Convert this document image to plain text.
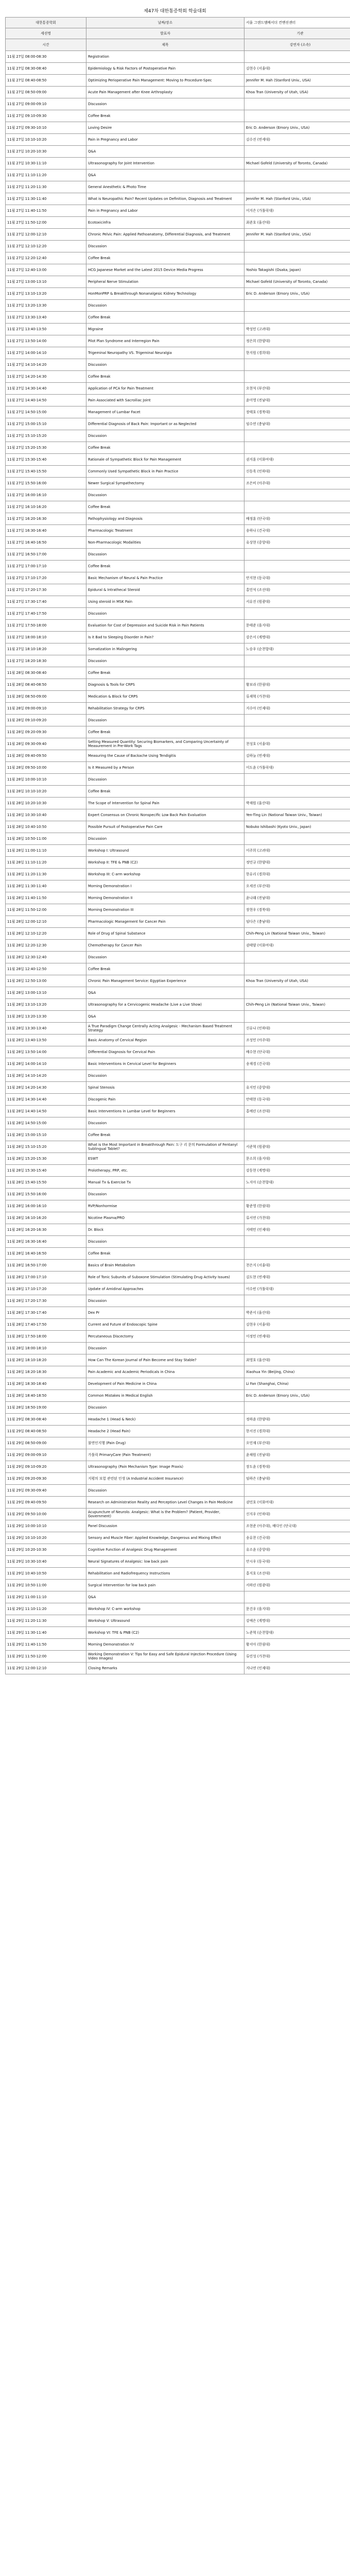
제47차 대한통증학회 학술대회
대한통증학회	날짜/장소	서울 그랜드앰배서더 컨벤션센터
세션명	발표자	기관
시간	제목	강연자 (소속)
11월 27일 08:00-08:30	Registration	
11월 27일 08:30-08:40	Epidemiology & Risk Factors of Postoperative Pain	김현수 (서울대)
11월 27일 08:40-08:50	Optimizing Perioperative Pain Management: Moving to Procedure-Spec	Jennifer M. Hah (Stanford Univ., USA)
11월 27일 08:50-09:00	Acute Pain Management after Knee Arthroplasty	Khoa Tran (University of Utah, USA)
11월 27일 09:00-09:10	Discussion	
11월 27일 09:10-09:30	Coffee Break	
11월 27일 09:30-10:10	Loving Desire	Eric D. Anderson (Emory Univ., USA)
11월 27일 10:10-10:20	Pain in Pregnancy and Labor	김수진 (연세대)
11월 27일 10:20-10:30	Q&A	
11월 27일 10:30-11:10	Ultrasonography for Joint Intervention	Michael Gofeld (University of Toronto, Canada)
11월 27일 11:10-11:20	Q&A	
11월 27일 11:20-11:30	General Anesthetic & Photo Time	
11월 27일 11:30-11:40	What is Neuropathic Pain? Recent Updates on Definition, Diagnosis and Treatment	Jennifer M. Hah (Stanford Univ., USA)
11월 27일 11:40-11:50	Pain in Pregnancy and Labor	이지은 (가톨릭대)
11월 27일 11:50-12:00	Ecotoxicinfra	최준호 (울산대)
11월 27일 12:00-12:10	Chronic Pelvic Pain: Applied Pathoanatomy, Differential Diagnosis, and Treatment	Jennifer M. Hah (Stanford Univ., USA)
11월 27일 12:10-12:20	Discussion	
11월 27일 12:20-12:40	Coffee Break	
11월 27일 12:40-13:00	HCG Japanese Market and the Latest 2015 Device Media Progress	Yoshio Takagishi (Osaka, Japan)
11월 27일 13:00-13:10	Peripheral Nerve Stimulation	Michael Gofeld (University of Toronto, Canada)
11월 27일 13:10-13:20	HonMonPRP & Breakthrough Nonanalgesic Kidney Technology	Eric D. Anderson (Emory Univ., USA)
11월 27일 13:20-13:30	Discussion	
11월 27일 13:30-13:40	Coffee Break	
11월 27일 13:40-13:50	Migraine	박성민 (고려대)
11월 27일 13:50-14:00	Pilot Plan Syndrome and Interregion Pain	정은희 (한양대)
11월 27일 14:00-14:10	Trigeminal Neuropathy VS. Trigeminal Neuralgia	한지원 (경희대)
11월 27일 14:10-14:20	Discussion	
11월 27일 14:20-14:30	Coffee Break	
11월 27일 14:30-14:40	Application of PCA for Pain Treatment	오현석 (부산대)
11월 27일 14:40-14:50	Pain Associated with Sacroiliac Joint	윤미영 (전남대)
11월 27일 14:50-15:00	Management of Lumbar Facet	장태호 (경북대)
11월 27일 15:00-15:10	Differential Diagnosis of Back Pain: Important or as Neglected	임수연 (충남대)
11월 27일 15:10-15:20	Discussion	
11월 27일 15:20-15:30	Coffee Break	
11월 27일 15:30-15:40	Rationale of Sympathetic Block for Pain Management	권지훈 (이화여대)
11월 27일 15:40-15:50	Commonly Used Sympathetic Block in Pain Practice	신동욱 (인하대)
11월 27일 15:50-16:00	Newer Surgical Sympathectomy	조은비 (아주대)
11월 27일 16:00-16:10	Discussion	
11월 27일 16:10-16:20	Coffee Break	
11월 27일 16:20-16:30	Pathophysiology and Diagnosis	배정훈 (단국대)
11월 27일 16:30-16:40	Pharmacologic Treatment	송하나 (건국대)
11월 27일 16:40-16:50	Non-Pharmacologic Modalities	유상현 (중앙대)
11월 27일 16:50-17:00	Discussion	
11월 27일 17:00-17:10	Coffee Break	
11월 27일 17:10-17:20	Basic Mechanism of Neural & Pain Practice	안지현 (동국대)
11월 27일 17:20-17:30	Epidural & Intrathecal Steroid	홍민석 (조선대)
11월 27일 17:30-17:40	Using steroid in MSK Pain	서유진 (원광대)
11월 27일 17:40-17:50	Discussion	
11월 27일 17:50-18:00	Evaluation for Cost of Depression and Suicide Risk in Pain Patients	문태준 (을지대)
11월 27일 18:00-18:10	Is it Bad to Sleeping Disorder in Pain?	강은서 (계명대)
11월 27일 18:10-18:20	Somatization in Malingering	노승우 (순천향대)
11월 27일 18:20-18:30	Discussion	
11월 28일 08:30-08:40	Coffee Break	
11월 28일 08:40-08:50	Diagnosis & Tools for CRPS	황보라 (한림대)
11월 28일 08:50-09:00	Medication & Block for CRPS	류재혁 (가천대)
11월 28일 09:00-09:10	Rehabilitation Strategy for CRPS	지수아 (인제대)
11월 28일 09:10-09:20	Discussion	
11월 28일 09:20-09:30	Coffee Break	
11월 28일 09:30-09:40	Setting Measured Quantity: Securing Biomarkers, and Comparing Uncertainty of Measurement in Pre-Work Tags	천성호 (서울대)
11월 28일 09:40-09:50	Measuring the Cause of Backache Using Tendigitis	김하늘 (연세대)
11월 28일 09:50-10:00	Is it Measured by a Person	이도윤 (가톨릭대)
11월 28일 10:00-10:10	Discussion	
11월 28일 10:10-10:20	Coffee Break	
11월 28일 10:20-10:30	The Scope of Intervention for Spinal Pain	박재원 (울산대)
11월 28일 10:30-10:40	Expert Consensus on Chronic Nonspecific Low Back Pain Evaluation	Yen-Ting Lin (National Taiwan Univ., Taiwan)
11월 28일 10:40-10:50	Possible Pursuit of Postoperative Pain Care	Nobuko Ishibashi (Kyoto Univ., Japan)
11월 28일 10:50-11:00	Discussion	
11월 28일 11:00-11:10	Workshop I: Ultrasound	이주희 (고려대)
11월 28일 11:10-11:20	Workshop II: TFE & PNB (C2)	정민규 (한양대)
11월 28일 11:20-11:30	Workshop III: C-arm workshop	한유리 (경희대)
11월 28일 11:30-11:40	Morning Demonstration I	오세진 (부산대)
11월 28일 11:40-11:50	Morning Demonstration II	윤나래 (전남대)
11월 28일 11:50-12:00	Morning Demonstration III	장현우 (경북대)
11월 28일 12:00-12:10	Pharmacologic Management for Cancer Pain	임다은 (충남대)
11월 28일 12:10-12:20	Role of Drug of Spinal Substance	Chih-Peng Lin (National Taiwan Univ., Taiwan)
11월 28일 12:20-12:30	Chemotherapy for Cancer Pain	권태양 (이화여대)
11월 28일 12:30-12:40	Discussion	
11월 28일 12:40-12:50	Coffee Break	
11월 28일 12:50-13:00	Chronic Pain Management Service: Egyptian Experience	Khoa Tran (University of Utah, USA)
11월 28일 13:00-13:10	Q&A	
11월 28일 13:10-13:20	Ultrasonography for a Cervicogenic Headache (Live a Live Show)	Chih-Peng Lin (National Taiwan Univ., Taiwan)
11월 28일 13:20-13:30	Q&A	
11월 28일 13:30-13:40	A True Paradigm Change Centrally Acting Analgesic - Mechanism Based Treatment Strategy	신유나 (인하대)
11월 28일 13:40-13:50	Basic Anatomy of Cervical Region	조성민 (아주대)
11월 28일 13:50-14:00	Differential Diagnosis for Cervical Pain	배수현 (단국대)
11월 28일 14:00-14:10	Basic Interventions in Cervical Level for Beginners	송재경 (건국대)
11월 28일 14:10-14:20	Discussion	
11월 28일 14:20-14:30	Spinal Stenosis	유지민 (중앙대)
11월 28일 14:30-14:40	Discogenic Pain	안태현 (동국대)
11월 28일 14:40-14:50	Basic Interventions in Lumbar Level for Beginners	홍예린 (조선대)
11월 28일 14:50-15:00	Discussion	
11월 28일 15:00-15:10	Coffee Break	
11월 28일 15:10-15:20	What is the Most Important in Breakthrough Pain: 도구 리 문의 Formulation of Fentanyl Sublingual Tablet?	서준혁 (원광대)
11월 28일 15:20-15:30	ESWT	문소희 (을지대)
11월 28일 15:30-15:40	Prolotherapy, PRP, etc.	강동현 (계명대)
11월 28일 15:40-15:50	Manual Tx & Exercise Tx	노지아 (순천향대)
11월 28일 15:50-16:00	Discussion	
11월 28일 16:00-16:10	RVP/Nonhormise	황준영 (한림대)
11월 28일 16:10-16:20	Nicotine Plasma/PRO	류서연 (가천대)
11월 28일 16:20-16:30	Dr. Block	지태민 (인제대)
11월 28일 16:30-16:40	Discussion	
11월 28일 16:40-16:50	Coffee Break	
11월 28일 16:50-17:00	Basics of Brain Metabolism	천은지 (서울대)
11월 28일 17:00-17:10	Role of Tonic Subunits of Suboxone Stimulation (Stimulating Drug Activity Issues)	김도현 (연세대)
11월 28일 17:10-17:20	Update of Amidinal Approaches	이수빈 (가톨릭대)
11월 28일 17:20-17:30	Discussion	
11월 28일 17:30-17:40	Dex Pr	박준서 (울산대)
11월 28일 17:40-17:50	Current and Future of Endoscopic Spine	김현우 (서울대)
11월 28일 17:50-18:00	Percutaneous Discectomy	이정민 (연세대)
11월 28일 18:00-18:10	Discussion	
11월 28일 18:10-18:20	How Can The Korean Journal of Pain Become and Stay Stable?	최영호 (울산대)
11월 28일 18:20-18:30	Pain Academic and Academic Periodicals in China	Xiaohua Yin (Beijing, China)
11월 28일 18:30-18:40	Development of Pain Medicine in China	Li Fan (Shanghai, China)
11월 28일 18:40-18:50	Common Mistakes in Medical English	Eric D. Anderson (Emory Univ., USA)
11월 28일 18:50-19:00	Discussion	
11월 29일 08:30-08:40	Headache 1 (Head & Neck)	정하윤 (한양대)
11월 29일 08:40-08:50	Headache 2 (Head Pain)	한서진 (경희대)
11월 29일 08:50-09:00	불면인지행 (Pain Drug)	오민재 (부산대)
11월 29일 09:00-09:10	가톨릭 PrimaryCare (Pain Treatment)	윤채원 (전남대)
11월 29일 09:10-09:20	Ultrasonography (Pain Mechanism Type: Image Praxis)	장도윤 (경북대)
11월 29일 09:20-09:30	지평의 보험 관련된 인생 (A Industrial Accident Insurance)	임하은 (충남대)
11월 29일 09:30-09:40	Discussion	
11월 29일 09:40-09:50	Research on Administration Reality and Perception Level Changes in Pain Medicine	권민호 (이화여대)
11월 29일 09:50-10:00	Acupuncture of Neurolo. Analgesic: What is the Problem? (Patient, Provider, Government)	신지우 (인하대)
11월 29일 10:00-10:10	Panel Discussion	조현준 (아주대), 배다인 (단국대)
11월 29일 10:10-10:20	Sensory and Muscle Fiber: Applied Knowledge, Dangerous and Mixing Effect	송유찬 (건국대)
11월 29일 10:20-10:30	Cognitive Function of Analgesic Drug Management	유소윤 (중앙대)
11월 29일 10:30-10:40	Neural Signatures of Analgesic: low back pain	안시우 (동국대)
11월 29일 10:40-10:50	Rehabilitation and Radiofrequency Instructions	홍지호 (조선대)
11월 29일 10:50-11:00	Surgical Intervention for low back pain	서하린 (원광대)
11월 29일 11:00-11:10	Q&A	
11월 29일 11:10-11:20	Workshop IV: C-arm workshop	문건우 (을지대)
11월 29일 11:20-11:30	Workshop V: Ultrasound	강예은 (계명대)
11월 29일 11:30-11:40	Workshop VI: TFE & PNB (C2)	노준혁 (순천향대)
11월 29일 11:40-11:50	Morning Demonstration IV	황서아 (한림대)
11월 29일 11:50-12:00	Working Demonstration V: Tips for Easy and Safe Epidural Injection Procedure (Using Video Images)	류민성 (가천대)
11월 29일 12:00-12:10	Closing Remarks	지나연 (인제대)
